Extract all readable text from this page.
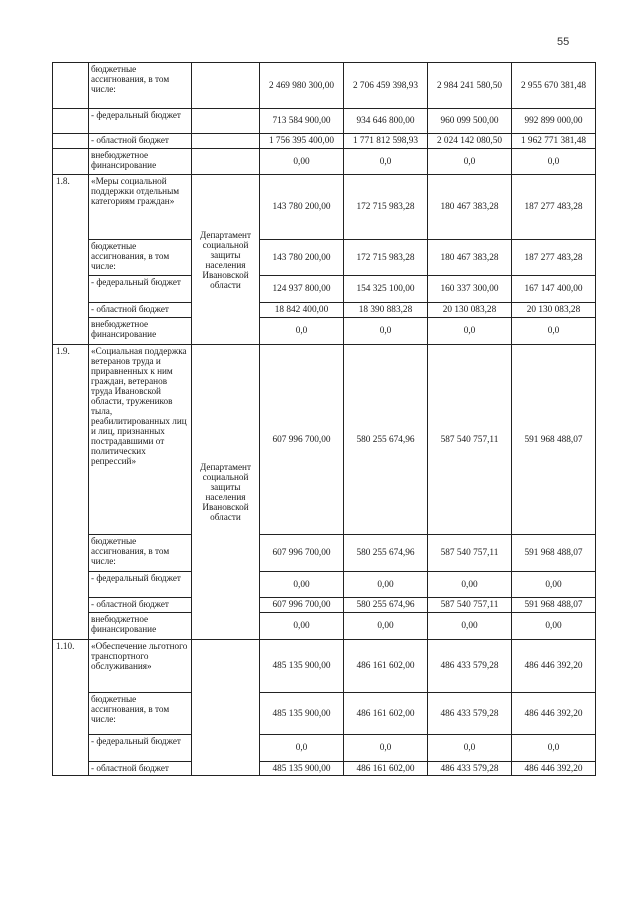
55
	бюджетные ассигнования, в том числе:		2 469 980 300,00	2 706 459 398,93	2 984 241 580,50	2 955 670 381,48
	- федеральный бюджет		713 584 900,00	934 646 800,00	960 099 500,00	992 899 000,00
	- областной бюджет		1 756 395 400,00	1 771 812 598,93	2 024 142 080,50	1 962 771 381,48
	внебюджетное финансирование		0,00	0,0	0,0	0,0
1.8.	«Меры социальной поддержки отдельным категориям граждан»	Департамент социальной защиты населения Ивановской области	143 780 200,00	172 715 983,28	180 467 383,28	187 277 483,28
	бюджетные ассигнования, в том числе:		143 780 200,00	172 715 983,28	180 467 383,28	187 277 483,28
	- федеральный бюджет		124 937 800,00	154 325 100,00	160 337 300,00	167 147 400,00
	- областной бюджет		18 842 400,00	18 390 883,28	20 130 083,28	20 130 083,28
	внебюджетное финансирование		0,0	0,0	0,0	0,0
1.9.	«Социальная поддержка ветеранов труда и приравненных к ним граждан, ветеранов труда Ивановской области, тружеников тыла, реабилитированных лиц и лиц, признанных пострадавшими от политических репрессий»	Департамент социальной защиты населения Ивановской области	607 996 700,00	580 255 674,96	587 540 757,11	591 968 488,07
	бюджетные ассигнования, в том числе:		607 996 700,00	580 255 674,96	587 540 757,11	591 968 488,07
	- федеральный бюджет		0,00	0,00	0,00	0,00
	- областной бюджет		607 996 700,00	580 255 674,96	587 540 757,11	591 968 488,07
	внебюджетное финансирование		0,00	0,00	0,00	0,00
1.10.	«Обеспечение льготного транспортного обслуживания»		485 135 900,00	486 161 602,00	486 433 579,28	486 446 392,20
	бюджетные ассигнования, в том числе:		485 135 900,00	486 161 602,00	486 433 579,28	486 446 392,20
	- федеральный бюджет		0,0	0,0	0,0	0,0
	- областной бюджет		485 135 900,00	486 161 602,00	486 433 579,28	486 446 392,20
